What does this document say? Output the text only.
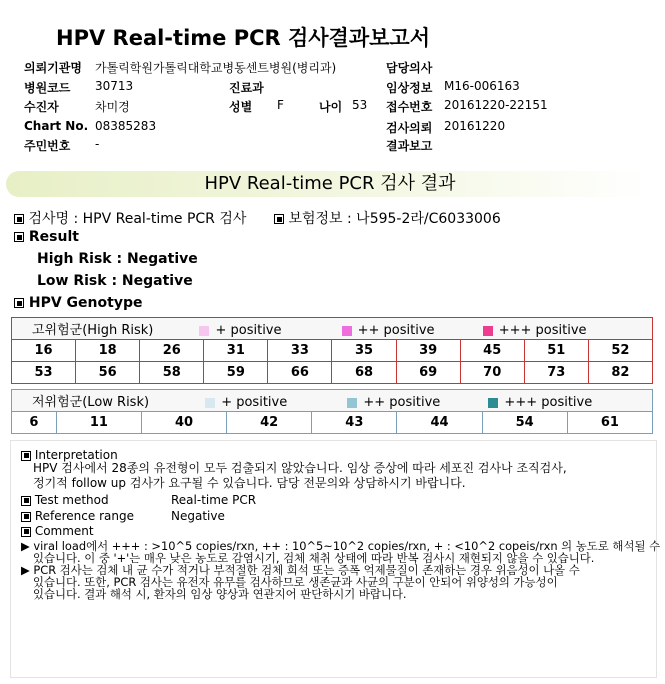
HPV Real-time PCR 검사결과보고서
의뢰기관명 가톨릭학원가톨릭대학교병동센트병원(병리과)	담당의사
병원코드 30713	진료과	임상정보 M16-006163
수진자	차미경	성별 F	나이 53 접수번호 20161220-22151
Chart No. 08385283	검사의뢰 20161220
주민번호 -	결과보고
HPV Real-time PCR 검사 결과
검사명 : HPV Real-time PCR 검사	보험정보 : 나595-2라/C6033006
Result
High Risk : Negative
Low Risk : Negative
HPV Genotype
고위험군(High Risk) + positive ++ positive +++ positive									
16	18	26	31	33	35	39	45	51	52
53	56	58	59	66	68	69	70	73	82
저위험군(Low Risk)	+ positive	++ positive	+++ positive
6	11	40	42	43	44	54	61
Interpretation
HPV 검사에서 28종의 유전형이 모두 검출되지 않았습니다. 임상 증상에 따라 세포진 검사나 조직검사,
정기적 follow up 검사가 요구될 수 있습니다. 담당 전문의와 상담하시기 바랍니다.
Test method	Real-time PCR
Reference range	Negative
Comment
▶ viral load에서 +++ : >10^5 copies/rxn, ++ : 10^5~10^2 copies/rxn, + : <10^2 copeis/rxn 의 농도로 해석될 수
있습니다. 이 중 '+'는 매우 낮은 농도로 감염시기, 검체 채취 상태에 따라 반복 검사시 재현되지 않을 수 있습니다.
▶ PCR 검사는 검체 내 균 수가 적거나 부적절한 검체 희석 또는 증폭 억제물질이 존재하는 경우 위음성이 나올 수
있습니다. 또한, PCR 검사는 유전자 유무를 검사하므로 생존균과 사균의 구분이 안되어 위양성의 가능성이
있습니다. 결과 해석 시, 환자의 임상 양상과 연관지어 판단하시기 바랍니다.
